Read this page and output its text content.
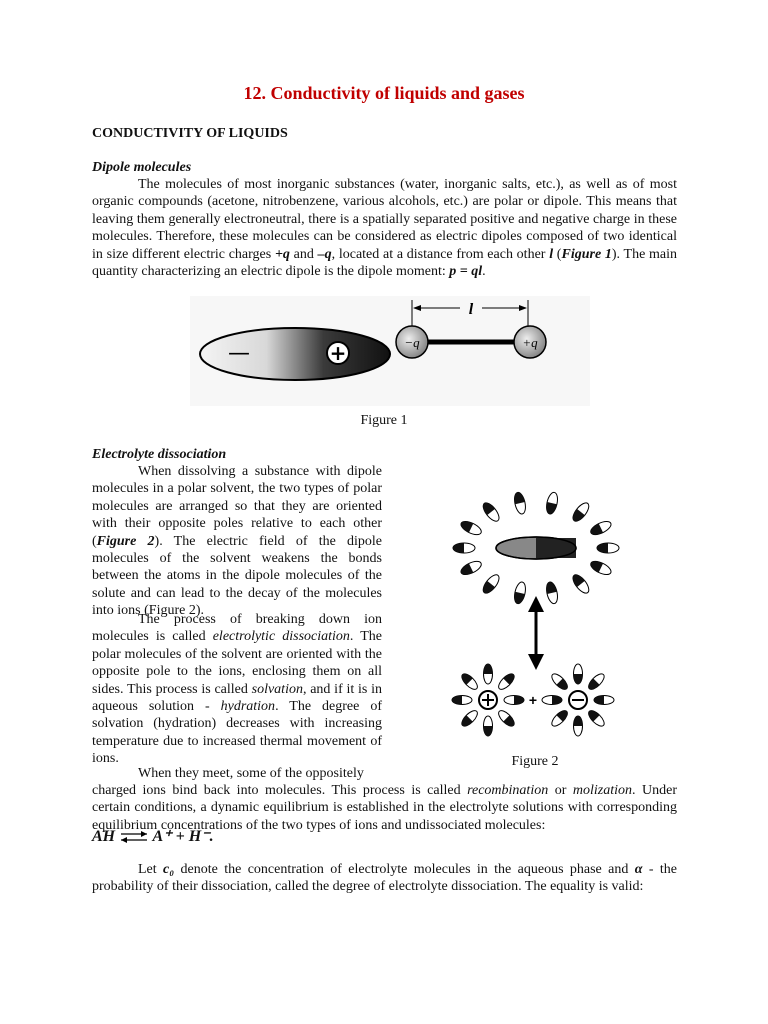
12. Conductivity of liquids and gases
CONDUCTIVITY OF LIQUIDS
Dipole molecules

The molecules of most inorganic substances (water, inorganic salts, etc.), as well as of most organic compounds (acetone, nitrobenzene, various alcohols, etc.) are polar or dipole. This means that leaving them generally electroneutral, there is a spatially separated positive and negative charge in these molecules. Therefore, these molecules can be considered as electric dipoles composed of two identical in size different electric charges +q and –q, located at a distance from each other l (Figure 1). The main quantity characterizing an electric dipole is the dipole moment: p = ql.

—	+
l
−q	+q
Figure 1
Electrolyte dissociation

When dissolving a substance with dipole molecules in a polar solvent, the two types of polar molecules are arranged so that they are oriented with their opposite poles relative to each other (Figure 2). The electric field of the dipole molecules of the solvent weakens the bonds between the atoms in the dipole molecules of the solute and can lead to the decay of the molecules into ions (Figure 2).

The process of breaking down ion molecules is called electrolytic dissociation. The polar molecules of the solvent are oriented with the opposite pole to the ions, enclosing them on all sides. This process is called solvation, and if it is in aqueous solution - hydration. The degree of solvation (hydration) decreases with increasing temperature due to increased thermal movement of ions.

When they meet, some of the oppositely

charged ions bind back into molecules. This process is called recombination or molization. Under certain conditions, a dynamic equilibrium is established in the electrolyte solutions with corresponding equilibrium concentrations of the two types of ions and undissociated molecules:

+
Figure 2
AH ⇌ A⁺ + H⁻.

Let c₀ denote the concentration of electrolyte molecules in the aqueous phase and α - the probability of their dissociation, called the degree of electrolyte dissociation. The equality is valid:
